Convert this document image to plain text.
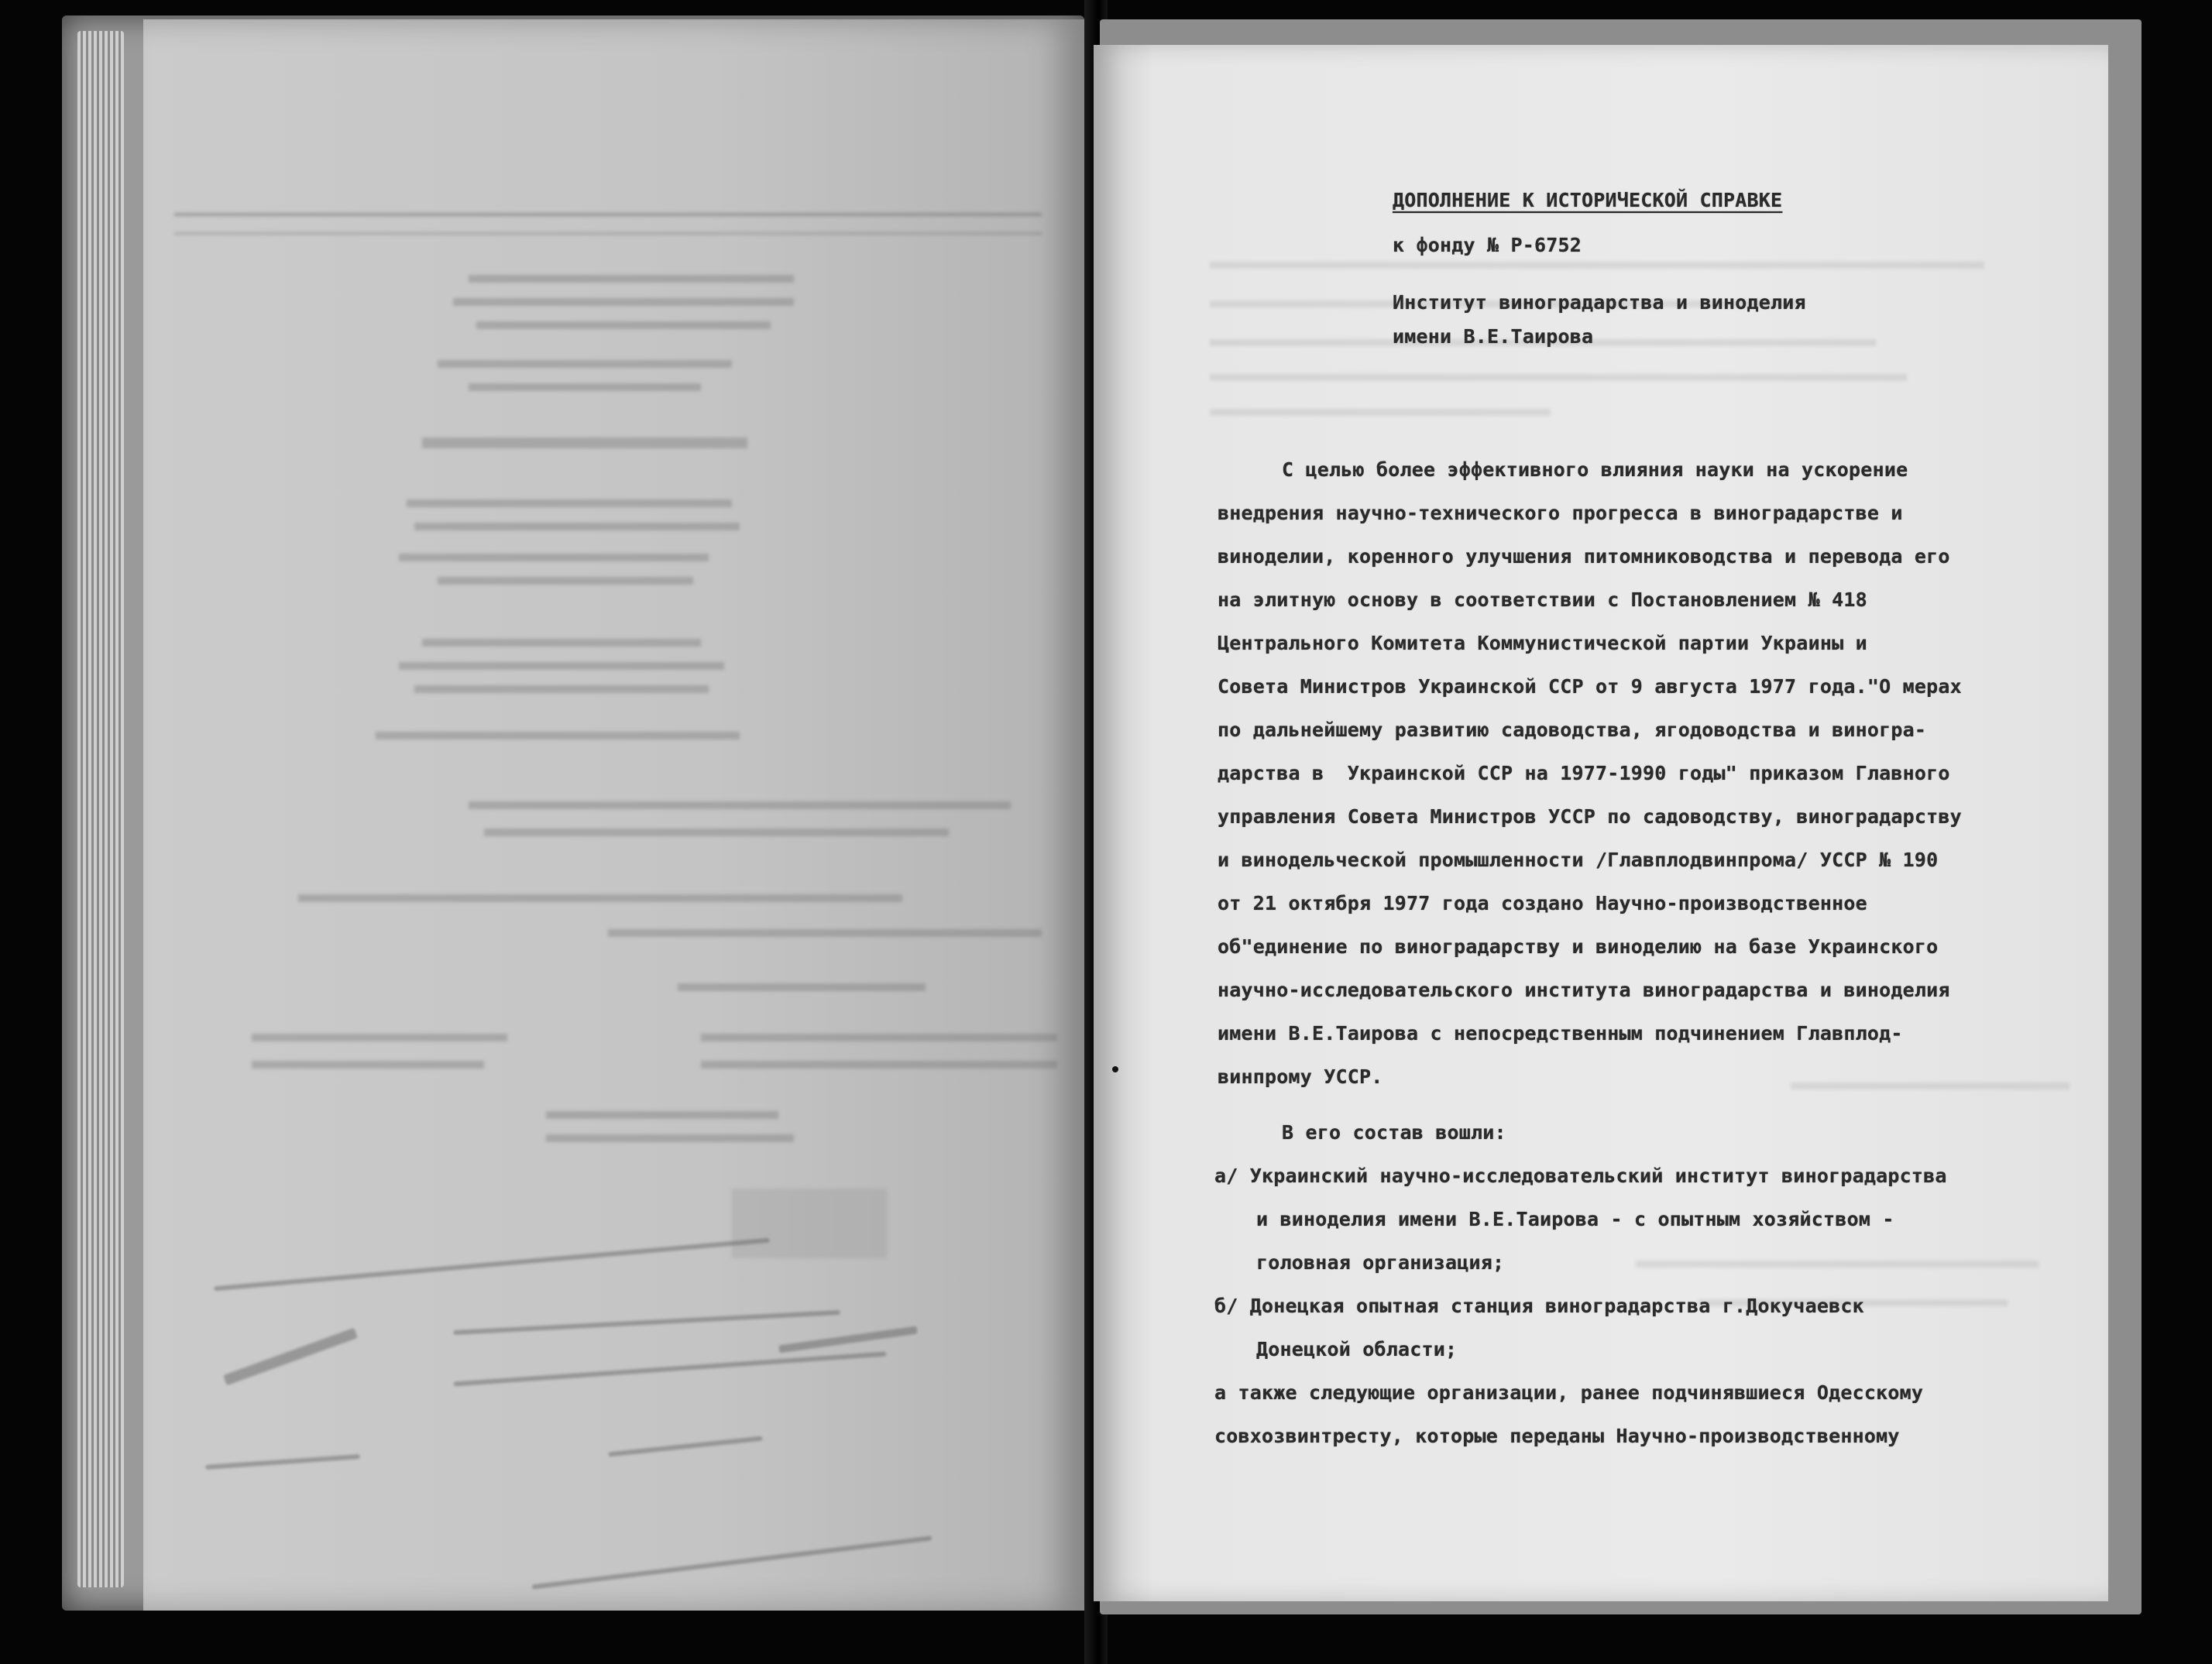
ДОПОЛНЕНИЕ К ИСТОРИЧЕСКОЙ СПРАВКЕ

к фонду № Р-6752

Институт виноградарства и виноделия

имени В.Е.Таирова

С целью более эффективного влияния науки на ускорение

внедрения научно-технического прогресса в виноградарстве и

виноделии, коренного улучшения питомниководства и перевода его

на элитную основу в соответствии с Постановлением № 418

Центрального Комитета Коммунистической партии Украины и

Совета Министров Украинской ССР от 9 августа 1977 года."О мерах

по дальнейшему развитию садоводства, ягодоводства и виногра-

дарства в  Украинской ССР на 1977-1990 годы" приказом Главного

управления Совета Министров УССР по садоводству, виноградарству

и винодельческой промышленности /Главплодвинпрома/ УССР № 190

от 21 октября 1977 года создано Научно-производственное

об"единение по виноградарству и виноделию на базе Украинского

научно-исследовательского института виноградарства и виноделия

имени В.Е.Таирова с непосредственным подчинением Главплод-

винпрому УССР.

В его состав вошли:

а/ Украинский научно-исследовательский институт виноградарства

и виноделия имени В.Е.Таирова - с опытным хозяйством -

головная организация;

б/ Донецкая опытная станция виноградарства г.Докучаевск

Донецкой области;

а также следующие организации, ранее подчинявшиеся Одесскому

совхозвинтресту, которые переданы Научно-производственному
